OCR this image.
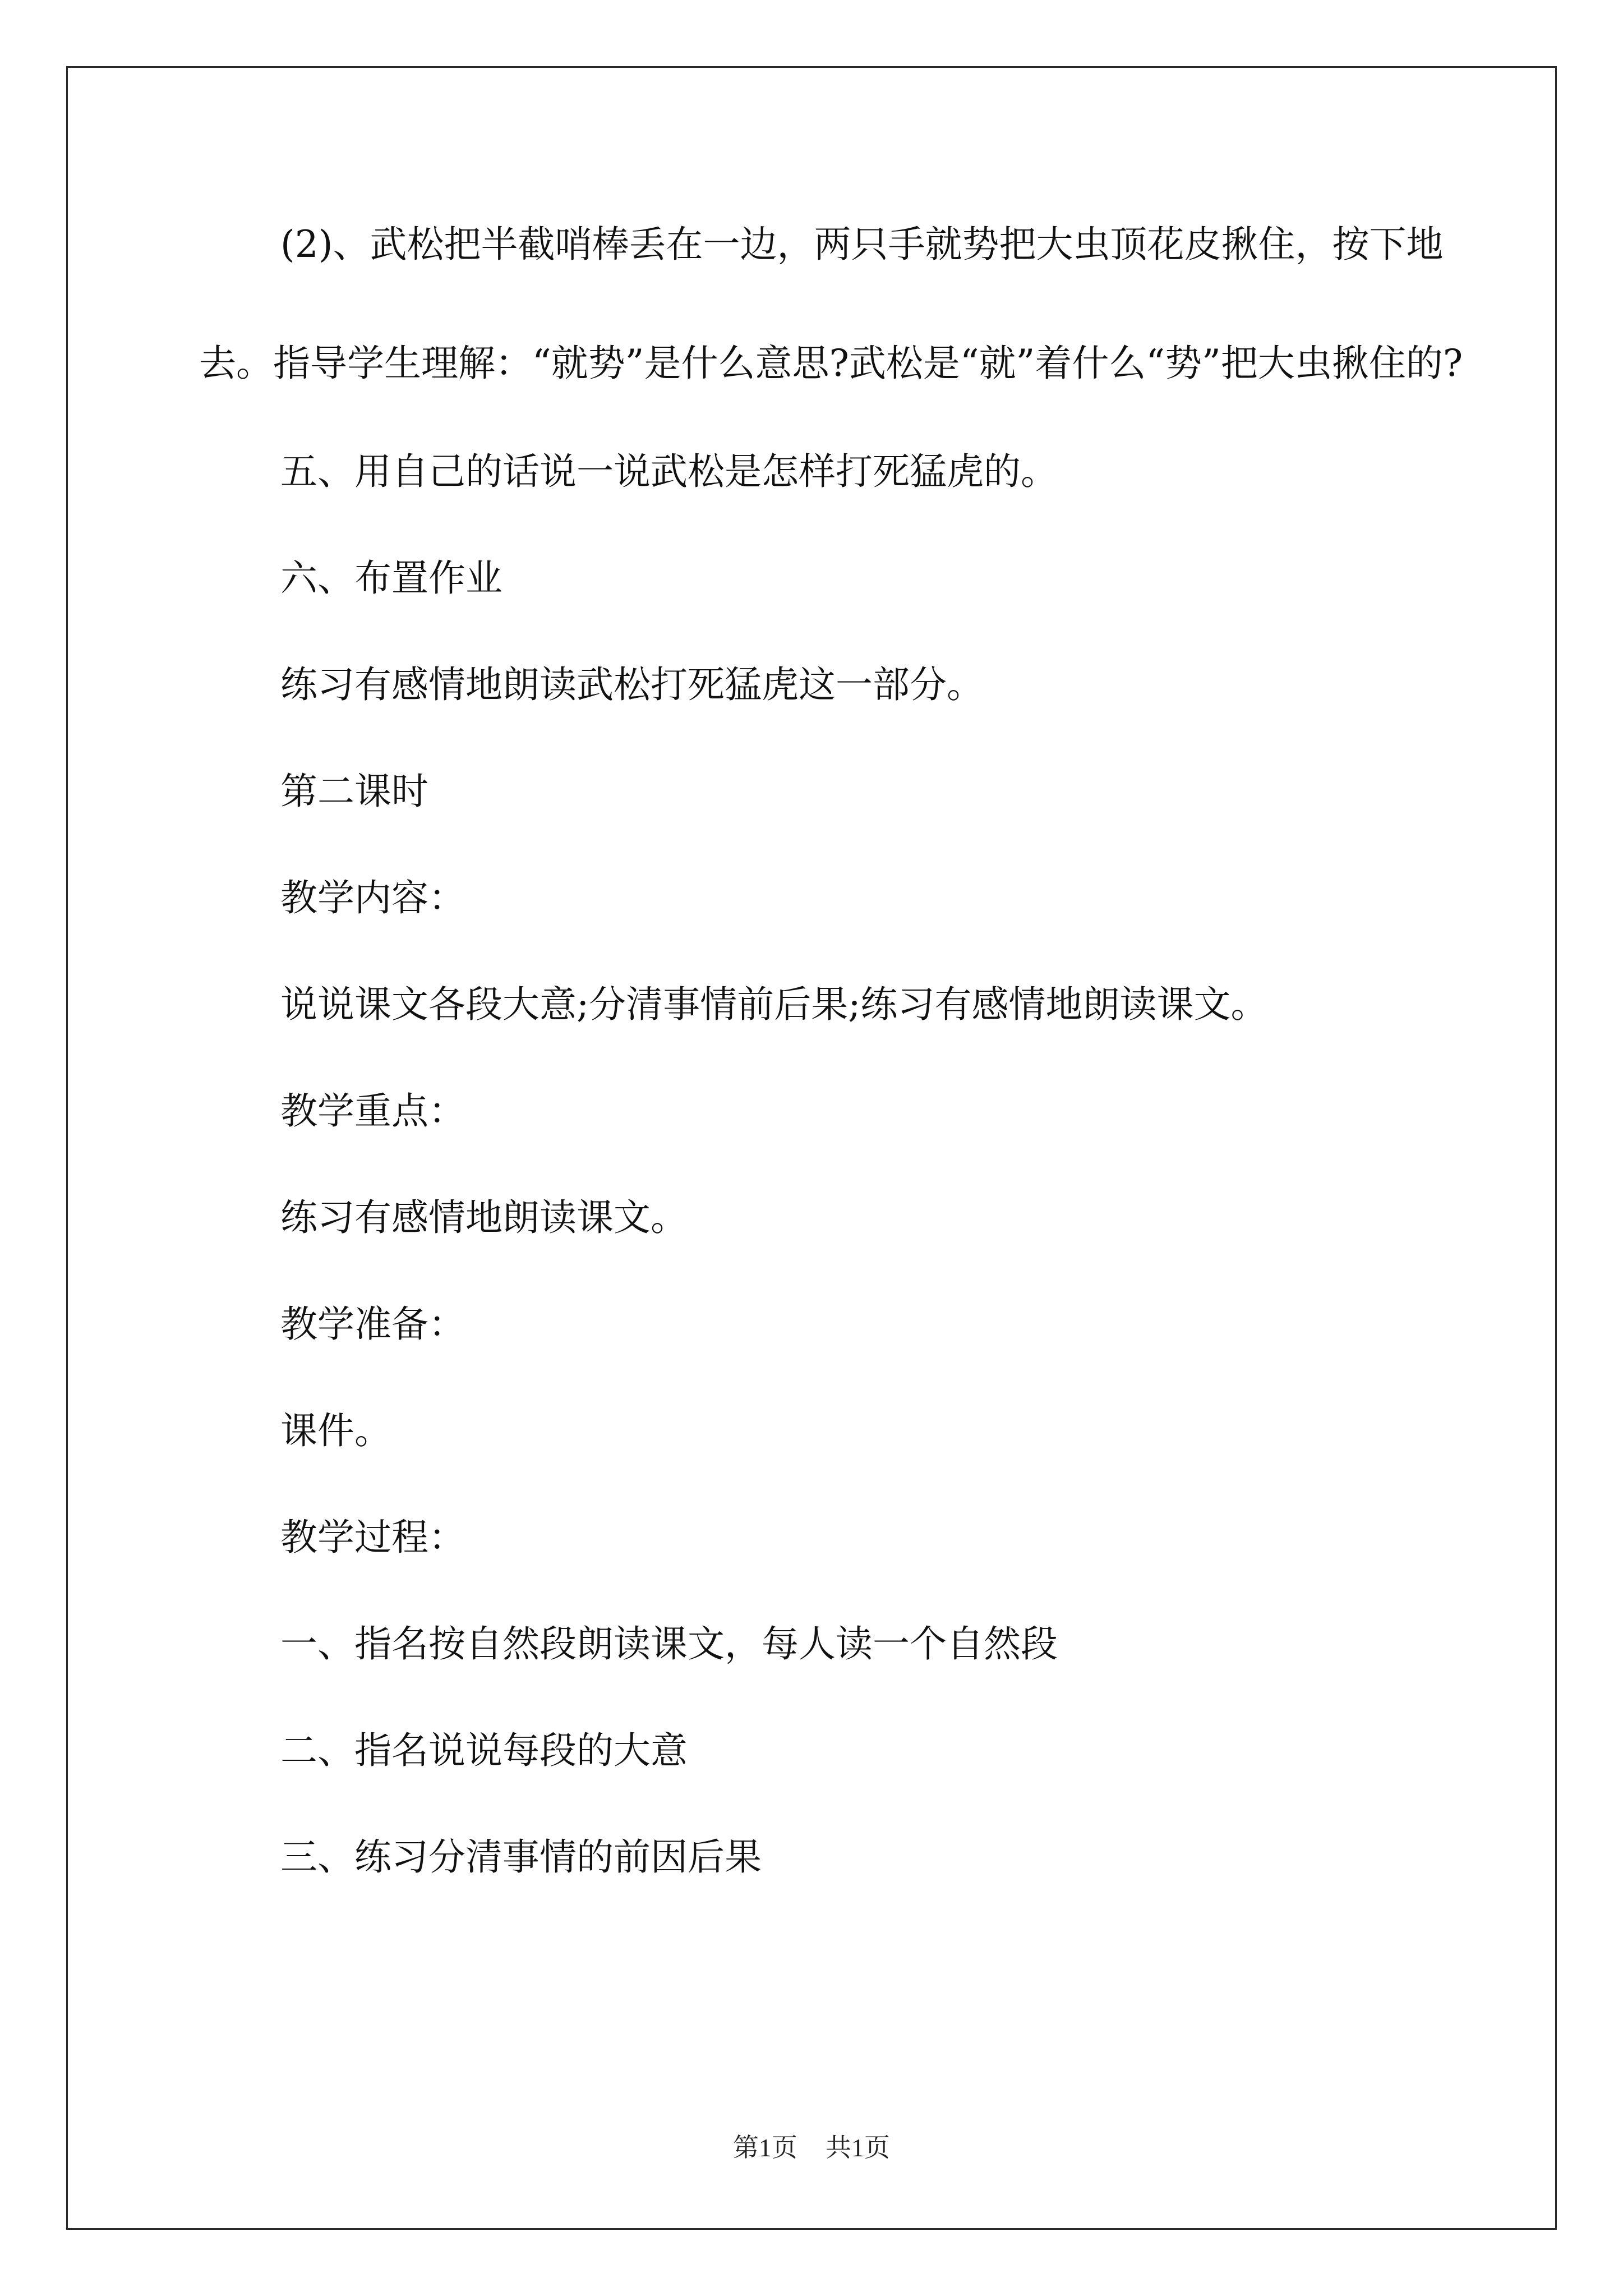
(2)、武松把半截哨棒丢在一边，两只手就势把大虫顶花皮揪住，按下地去。指导学生理解：“就势”是什么意思?武松是“就”着什么“势”把大虫揪住的?

五、用自己的话说一说武松是怎样打死猛虎的。

六、布置作业

练习有感情地朗读武松打死猛虎这一部分。

第二课时

教学内容：

说说课文各段大意;分清事情前后果;练习有感情地朗读课文。

教学重点：

练习有感情地朗读课文。

教学准备：

课件。

教学过程：

一、指名按自然段朗读课文，每人读一个自然段

二、指名说说每段的大意

三、练习分清事情的前因后果

第1页 共1页
